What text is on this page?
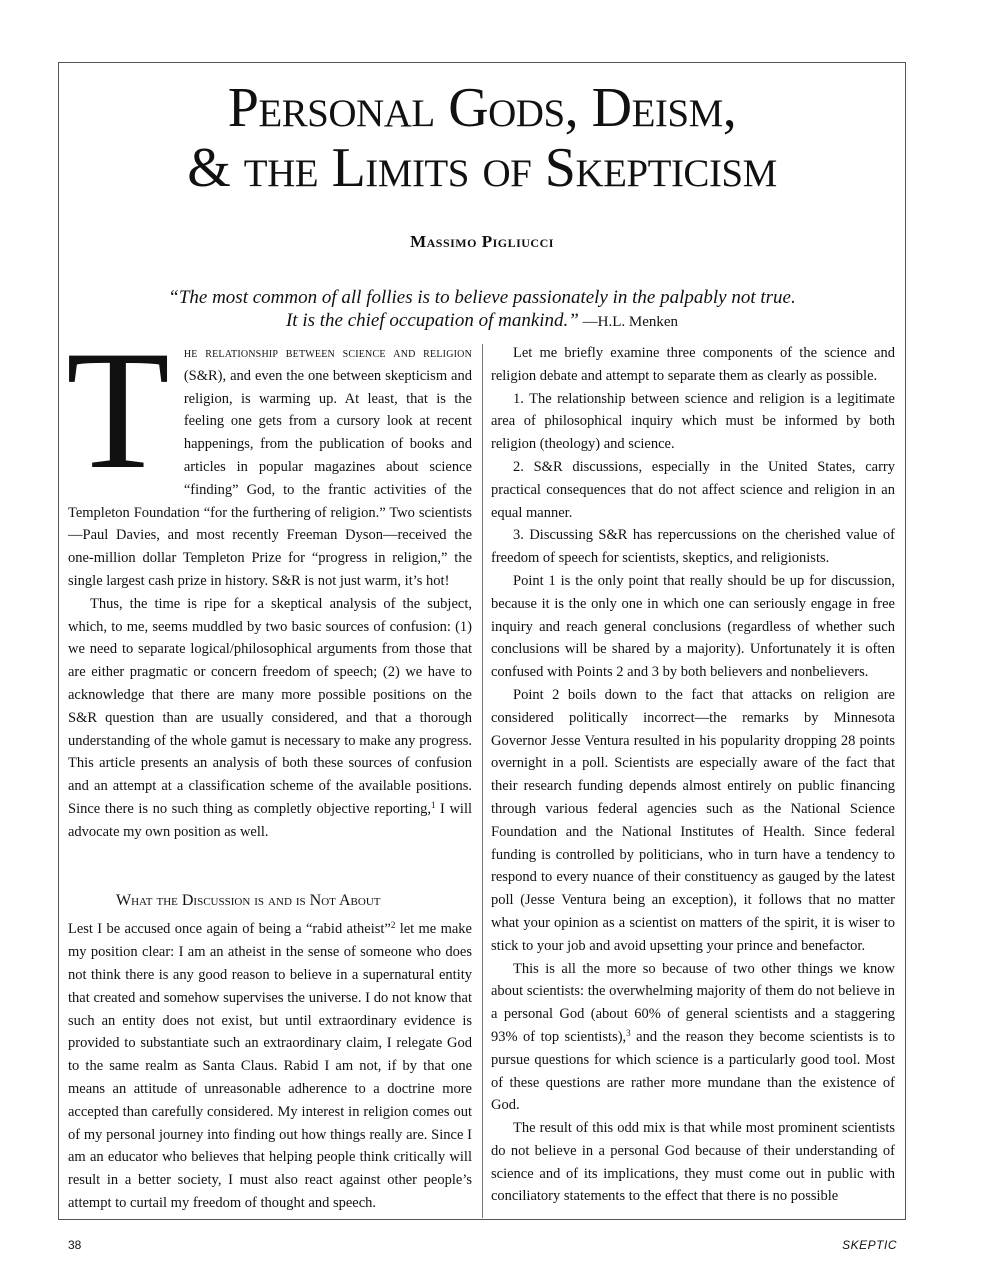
Personal Gods, Deism,
& the Limits of Skepticism
Massimo Pigliucci
“The most common of all follies is to believe passionately in the palpably not true.
It is the chief occupation of mankind.” —H.L. Menken

The relationship between science and religion (S&R), and even the one between skepticism and religion, is warming up. At least, that is the feeling one gets from a cursory look at recent happenings, from the publication of books and articles in popular magazines about science “finding” God, to the frantic activities of the Templeton Foundation “for the furthering of religion.” Two scientists—Paul Davies, and most recently Freeman Dyson—received the one-million dollar Templeton Prize for “progress in religion,” the single largest cash prize in history. S&R is not just warm, it’s hot!

Thus, the time is ripe for a skeptical analysis of the subject, which, to me, seems muddled by two basic sources of confusion: (1) we need to separate logical/philosophical arguments from those that are either pragmatic or concern freedom of speech; (2) we have to acknowledge that there are many more possible positions on the S&R question than are usually considered, and that a thorough understanding of the whole gamut is necessary to make any progress. This article presents an analysis of both these sources of confusion and an attempt at a classification scheme of the available positions. Since there is no such thing as completly objective reporting,$^1$ I will advocate my own position as well.

What the Discussion is and is Not About

Lest I be accused once again of being a “rabid atheist”$^2$ let me make my position clear: I am an atheist in the sense of someone who does not think there is any good reason to believe in a supernatural entity that created and somehow supervises the universe. I do not know that such an entity does not exist, but until extraordinary evidence is provided to substantiate such an extraordinary claim, I relegate God to the same realm as Santa Claus. Rabid I am not, if by that one means an attitude of unreasonable adherence to a doctrine more accepted than carefully considered. My interest in religion comes out of my personal journey into finding out how things really are. Since I am an educator who believes that helping people think critically will result in a better society, I must also react against other people’s attempt to curtail my freedom of thought and speech.

Let me briefly examine three components of the science and religion debate and attempt to separate them as clearly as possible.

1. The relationship between science and religion is a legitimate area of philosophical inquiry which must be informed by both religion (theology) and science.

2. S&R discussions, especially in the United States, carry practical consequences that do not affect science and religion in an equal manner.

3. Discussing S&R has repercussions on the cherished value of freedom of speech for scientists, skeptics, and religionists.

Point 1 is the only point that really should be up for discussion, because it is the only one in which one can seriously engage in free inquiry and reach general conclusions (regardless of whether such conclusions will be shared by a majority). Unfortunately it is often confused with Points 2 and 3 by both believers and nonbelievers.

Point 2 boils down to the fact that attacks on religion are considered politically incorrect—the remarks by Minnesota Governor Jesse Ventura resulted in his popularity dropping 28 points overnight in a poll. Scientists are especially aware of the fact that their research funding depends almost entirely on public financing through various federal agencies such as the National Science Foundation and the National Institutes of Health. Since federal funding is controlled by politicians, who in turn have a tendency to respond to every nuance of their constituency as gauged by the latest poll (Jesse Ventura being an exception), it follows that no matter what your opinion as a scientist on matters of the spirit, it is wiser to stick to your job and avoid upsetting your prince and benefactor.

This is all the more so because of two other things we know about scientists: the overwhelming majority of them do not believe in a personal God (about 60% of general scientists and a staggering 93% of top scientists),$^3$ and the reason they become scientists is to pursue questions for which science is a particularly good tool. Most of these questions are rather more mundane than the existence of God.

The result of this odd mix is that while most prominent scientists do not believe in a personal God because of their understanding of science and of its implications, they must come out in public with conciliatory statements to the effect that there is no possible

38	SKEPTIC
